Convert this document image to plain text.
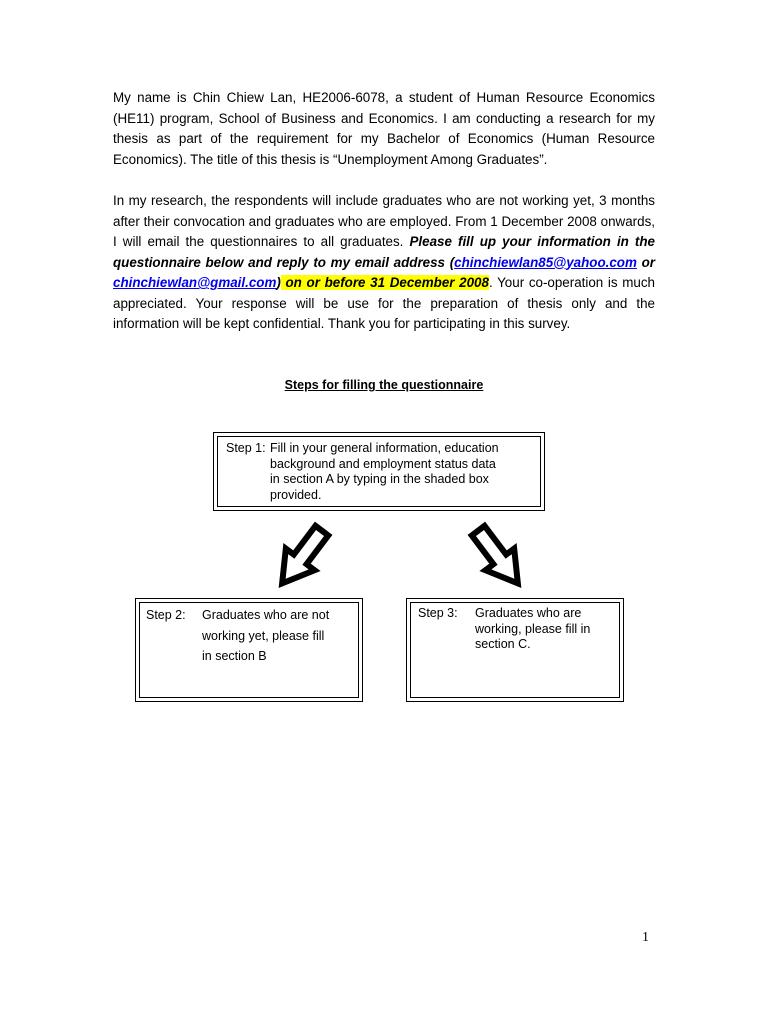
My name is Chin Chiew Lan, HE2006-6078, a student of Human Resource Economics (HE11) program, School of Business and Economics. I am conducting a research for my thesis as part of the requirement for my Bachelor of Economics (Human Resource Economics). The title of this thesis is “Unemployment Among Graduates”.

In my research, the respondents will include graduates who are not working yet, 3 months after their convocation and graduates who are employed. From 1 December 2008 onwards, I will email the questionnaires to all graduates. Please fill up your information in the questionnaire below and reply to my email address (chinchiewlan85@yahoo.com or chinchiewlan@gmail.com) on or before 31 December 2008. Your co-operation is much appreciated. Your response will be use for the preparation of thesis only and the information will be kept confidential. Thank you for participating in this survey.

Steps for filling the questionnaire

Step 1: Fill in your general information, education
background and employment status data
in section A by typing in the shaded box
provided.
Step 2: Graduates who are not
working yet, please fill
in section B
Step 3: Graduates who are
working, please fill in
section C.
1
